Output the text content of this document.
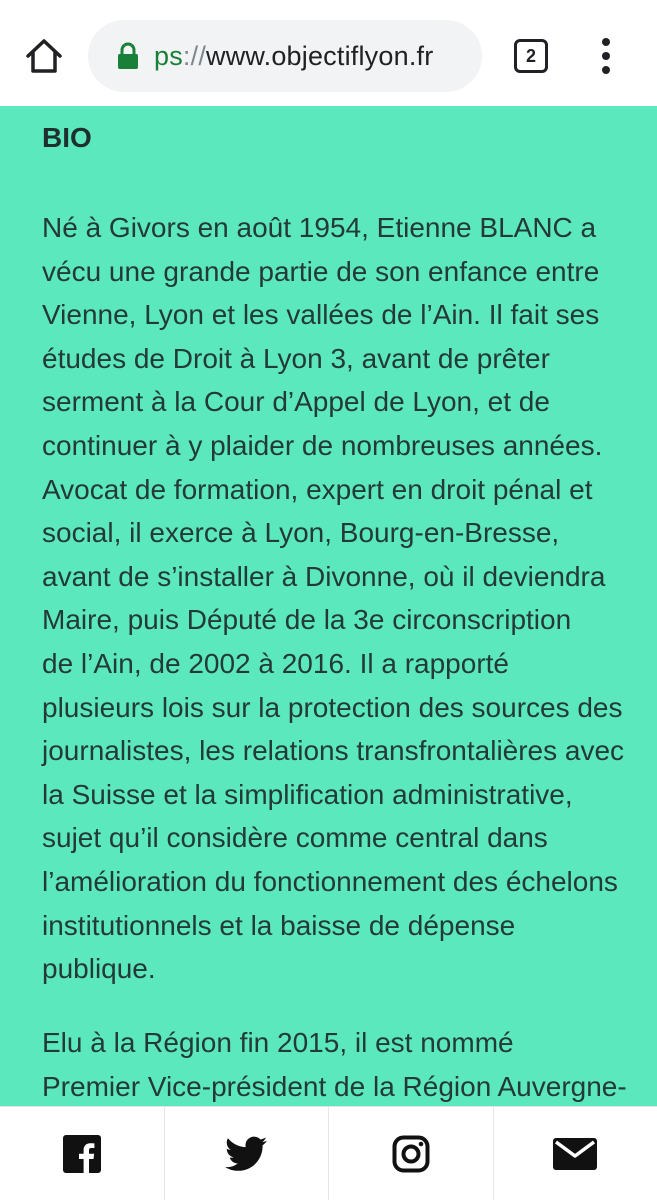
ps://www.objectiflyon.fr	2
BIO

Né à Givors en août 1954, Etienne BLANC a
vécu une grande partie de son enfance entre
Vienne, Lyon et les vallées de l’Ain. Il fait ses
études de Droit à Lyon 3, avant de prêter
serment à la Cour d’Appel de Lyon, et de
continuer à y plaider de nombreuses années.
Avocat de formation, expert en droit pénal et
social, il exerce à Lyon, Bourg-en-Bresse,
avant de s’installer à Divonne, où il deviendra
Maire, puis Député de la 3e circonscription
de l’Ain, de 2002 à 2016. Il a rapporté
plusieurs lois sur la protection des sources des
journalistes, les relations transfrontalières avec
la Suisse et la simplification administrative,
sujet qu’il considère comme central dans
l’amélioration du fonctionnement des échelons
institutionnels et la baisse de dépense
publique.

Elu à la Région fin 2015, il est nommé
Premier Vice-président de la Région Auvergne-
